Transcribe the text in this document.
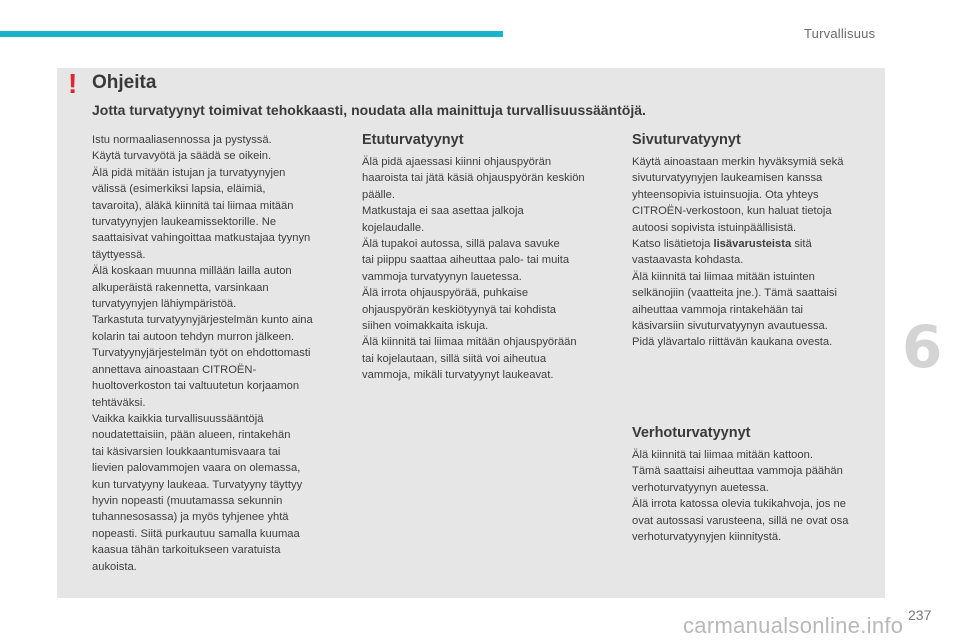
Turvallisuus
! Ohjeita
Jotta turvatyynyt toimivat tehokkaasti, noudata alla mainittuja turvallisuussääntöjä.

Istu normaaliasennossa ja pystyssä.

Käytä turvavyötä ja säädä se oikein.

Älä pidä mitään istujan ja turvatyynyjen

välissä (esimerkiksi lapsia, eläimiä,

tavaroita), äläkä kiinnitä tai liimaa mitään

turvatyynyjen laukeamissektorille. Ne

saattaisivat vahingoittaa matkustajaa tyynyn

täyttyessä.

Älä koskaan muunna millään lailla auton

alkuperäistä rakennetta, varsinkaan

turvatyynyjen lähiympäristöä.

Tarkastuta turvatyynyjärjestelmän kunto aina

kolarin tai autoon tehdyn murron jälkeen.

Turvatyynyjärjestelmän työt on ehdottomasti

annettava ainoastaan CITROËN-

huoltoverkoston tai valtuutetun korjaamon

tehtäväksi.

Vaikka kaikkia turvallisuussääntöjä

noudatettaisiin, pään alueen, rintakehän

tai käsivarsien loukkaantumisvaara tai

lievien palovammojen vaara on olemassa,

kun turvatyyny laukeaa. Turvatyyny täyttyy

hyvin nopeasti (muutamassa sekunnin

tuhannesosassa) ja myös tyhjenee yhtä

nopeasti. Siitä purkautuu samalla kuumaa

kaasua tähän tarkoitukseen varatuista

aukoista.

Etuturvatyynyt

Älä pidä ajaessasi kiinni ohjauspyörän

haaroista tai jätä käsiä ohjauspyörän keskiön

päälle.

Matkustaja ei saa asettaa jalkoja

kojelaudalle.

Älä tupakoi autossa, sillä palava savuke

tai piippu saattaa aiheuttaa palo- tai muita

vammoja turvatyynyn lauetessa.

Älä irrota ohjauspyörää, puhkaise

ohjauspyörän keskiötyynyä tai kohdista

siihen voimakkaita iskuja.

Älä kiinnitä tai liimaa mitään ohjauspyörään

tai kojelautaan, sillä siitä voi aiheutua

vammoja, mikäli turvatyynyt laukeavat.

Sivuturvatyynyt

Käytä ainoastaan merkin hyväksymiä sekä

sivuturvatyynyjen laukeamisen kanssa

yhteensopivia istuinsuojia. Ota yhteys

CITROËN-verkostoon, kun haluat tietoja

autoosi sopivista istuinpäällisistä.

Katso lisätietoja lisävarusteista sitä

vastaavasta kohdasta.

Älä kiinnitä tai liimaa mitään istuinten

selkänojiin (vaatteita jne.). Tämä saattaisi

aiheuttaa vammoja rintakehään tai

käsivarsiin sivuturvatyynyn avautuessa.

Pidä ylävartalo riittävän kaukana ovesta.

Verhoturvatyynyt

Älä kiinnitä tai liimaa mitään kattoon.

Tämä saattaisi aiheuttaa vammoja päähän

verhoturvatyynyn auetessa.

Älä irrota katossa olevia tukikahvoja, jos ne

ovat autossasi varusteena, sillä ne ovat osa

verhoturvatyynyjen kiinnitystä.

6
237
carmanualsonline.info
